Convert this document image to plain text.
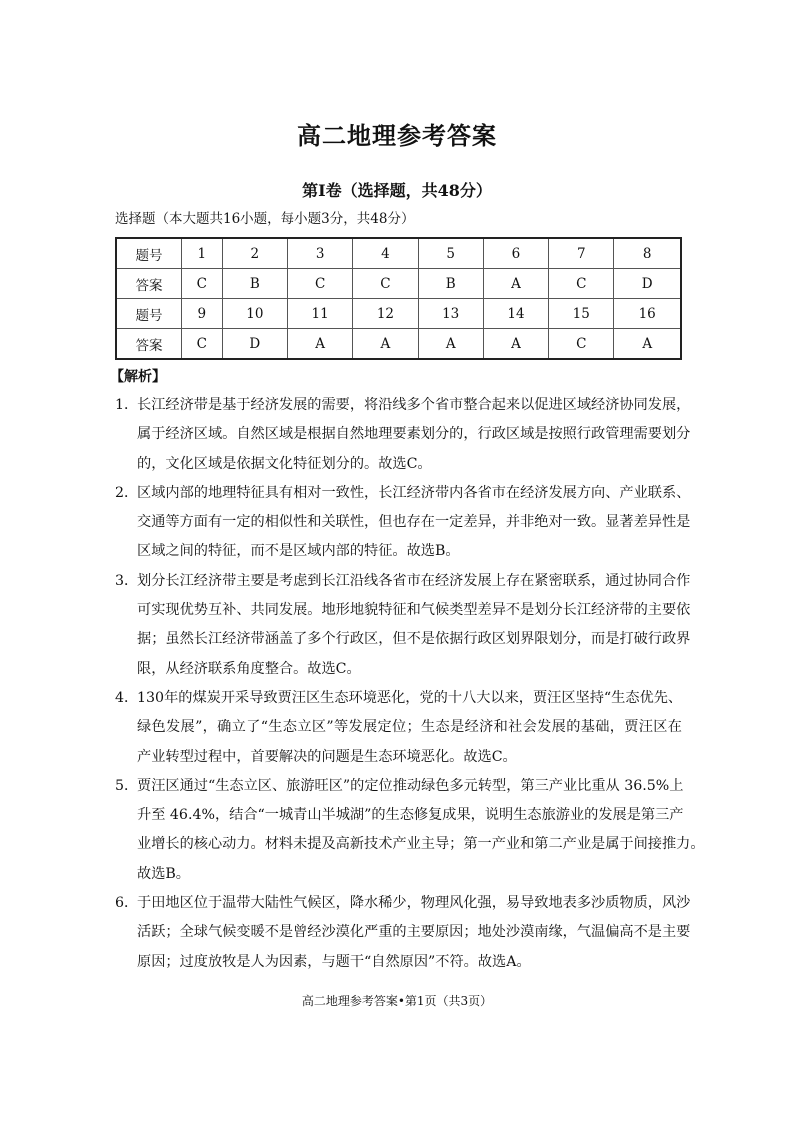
高二地理参考答案
第Ⅰ卷（选择题，共48分）
选择题（本大题共16小题，每小题3分，共48分）
题号	1	2	3	4	5	6	7	8
答案	C	B	C	C	B	A	C	D
题号	9	10	11	12	13	14	15	16
答案	C	D	A	A	A	A	C	A
【解析】
1．
长江经济带是基于经济发展的需要，将沿线多个省市整合起来以促进区域经济协同发展，
属于经济区域。自然区域是根据自然地理要素划分的，行政区域是按照行政管理需要划分
的，文化区域是依据文化特征划分的。故选C。
2．
区域内部的地理特征具有相对一致性，长江经济带内各省市在经济发展方向、产业联系、
交通等方面有一定的相似性和关联性，但也存在一定差异，并非绝对一致。显著差异性是
区域之间的特征，而不是区域内部的特征。故选B。
3．
划分长江经济带主要是考虑到长江沿线各省市在经济发展上存在紧密联系，通过协同合作
可实现优势互补、共同发展。地形地貌特征和气候类型差异不是划分长江经济带的主要依
据；虽然长江经济带涵盖了多个行政区，但不是依据行政区划界限划分，而是打破行政界
限，从经济联系角度整合。故选C。
4．
130年的煤炭开采导致贾汪区生态环境恶化，党的十八大以来，贾汪区坚持“生态优先、
绿色发展”，确立了“生态立区”等发展定位；生态是经济和社会发展的基础，贾汪区在
产业转型过程中，首要解决的问题是生态环境恶化。故选C。
5．
贾汪区通过“生态立区、旅游旺区”的定位推动绿色多元转型，第三产业比重从 36.5%上
升至 46.4%，结合“一城青山半城湖”的生态修复成果，说明生态旅游业的发展是第三产
业增长的核心动力。材料未提及高新技术产业主导；第一产业和第二产业是属于间接推力。
故选B。
6．
于田地区位于温带大陆性气候区，降水稀少，物理风化强，易导致地表多沙质物质，风沙
活跃；全球气候变暖不是曾经沙漠化严重的主要原因；地处沙漠南缘，气温偏高不是主要
原因；过度放牧是人为因素，与题干“自然原因”不符。故选A。
高二地理参考答案•第1页（共3页）
